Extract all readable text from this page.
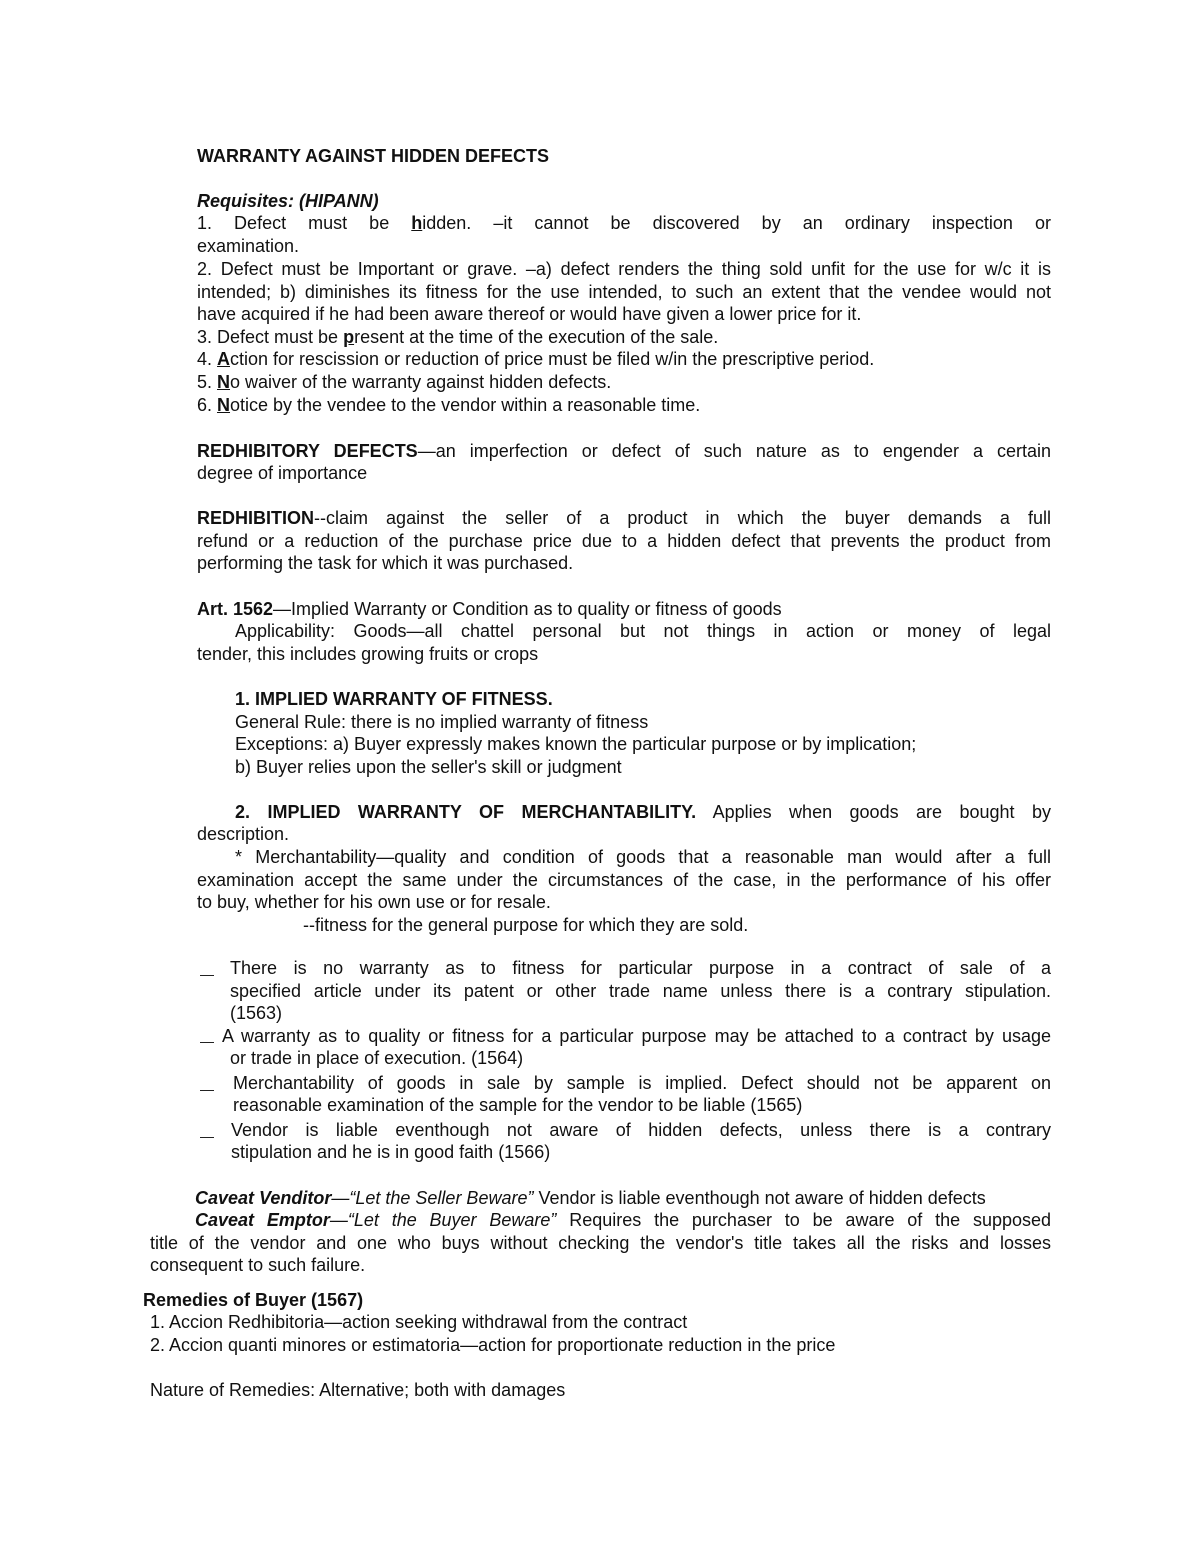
WARRANTY AGAINST HIDDEN DEFECTS
Requisites: (HIPANN)
1. Defect must be hidden. –it cannot be discovered by an ordinary inspection or
examination.
2. Defect must be Important or grave. –a) defect renders the thing sold unfit for the use for w/c it is
intended; b) diminishes its fitness for the use intended, to such an extent that the vendee would not
have acquired if he had been aware thereof or would have given a lower price for it.
3. Defect must be present at the time of the execution of the sale.
4. Action for rescission or reduction of price must be filed w/in the prescriptive period.
5. No waiver of the warranty against hidden defects.
6. Notice by the vendee to the vendor within a reasonable time.
REDHIBITORY DEFECTS—an imperfection or defect of such nature as to engender a certain
degree of importance
REDHIBITION--claim against the seller of a product in which the buyer demands a full
refund or a reduction of the purchase price due to a hidden defect that prevents the product from
performing the task for which it was purchased.
Art. 1562—Implied Warranty or Condition as to quality or fitness of goods
Applicability: Goods—all chattel personal but not things in action or money of legal
tender, this includes growing fruits or crops
1. IMPLIED WARRANTY OF FITNESS.
General Rule: there is no implied warranty of fitness
Exceptions: a) Buyer expressly makes known the particular purpose or by implication;
b) Buyer relies upon the seller's skill or judgment
2. IMPLIED WARRANTY OF MERCHANTABILITY. Applies when goods are bought by
description.
* Merchantability—quality and condition of goods that a reasonable man would after a full
examination accept the same under the circumstances of the case, in the performance of his offer
to buy, whether for his own use or for resale.
--fitness for the general purpose for which they are sold.
There is no warranty as to fitness for particular purpose in a contract of sale of a
specified article under its patent or other trade name unless there is a contrary stipulation.
(1563)
A warranty as to quality or fitness for a particular purpose may be attached to a contract by usage
or trade in place of execution. (1564)
Merchantability of goods in sale by sample is implied. Defect should not be apparent on
reasonable examination of the sample for the vendor to be liable (1565)
Vendor is liable eventhough not aware of hidden defects, unless there is a contrary
stipulation and he is in good faith (1566)
Caveat Venditor—“Let the Seller Beware” Vendor is liable eventhough not aware of hidden defects
Caveat Emptor—“Let the Buyer Beware” Requires the purchaser to be aware of the supposed
title of the vendor and one who buys without checking the vendor's title takes all the risks and losses
consequent to such failure.
Remedies of Buyer (1567)
1. Accion Redhibitoria—action seeking withdrawal from the contract
2. Accion quanti minores or estimatoria—action for proportionate reduction in the price
Nature of Remedies: Alternative; both with damages
